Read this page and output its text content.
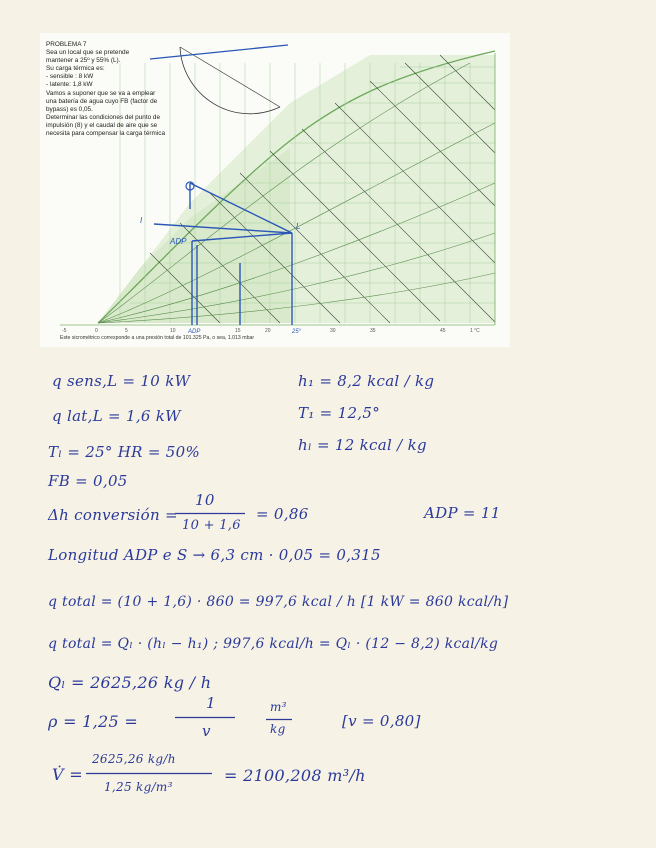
-5	0	5	10	15	20	30	35	45	1 °C
L
I
ADP
ADP	25°
PROBLEMA 7
Sea un local que se pretende
mantener a 25º y 55% (L).
Su carga térmica es:
- sensible : 8 kW
- latente: 1,8 kW
Vamos a suponer que se va a emplear
una batería de agua cuyo FB (factor de
bypass) es 0,05.
Determinar las condiciones del punto de
impulsión (8) y el caudal de aire que se
necesita para compensar la carga térmica
Este sicrométrico corresponde a una presión total de 101.325 Pa, o sea, 1.013 mbar
q sens,L = 10 kW
q lat,L = 1,6 kW
Tₗ = 25° HR = 50%
FB = 0,05
Δh conversión =
10
10 + 1,6
= 0,86
h₁ = 8,2 kcal / kg
T₁ = 12,5°
hₗ = 12 kcal / kg
ADP = 11
Longitud ADP e S → 6,3 cm · 0,05 = 0,315
q total = (10 + 1,6) · 860 = 997,6 kcal / h [1 kW = 860 kcal/h]
q total = Qₗ · (hₗ − h₁) ; 997,6 kcal/h = Qₗ · (12 − 8,2) kcal/kg
Qₗ = 2625,26 kg / h
ρ = 1,25 =
1
v
m³
kg	[v = 0,80]
V̇ =
2625,26 kg/h
1,25 kg/m³
= 2100,208 m³/h
